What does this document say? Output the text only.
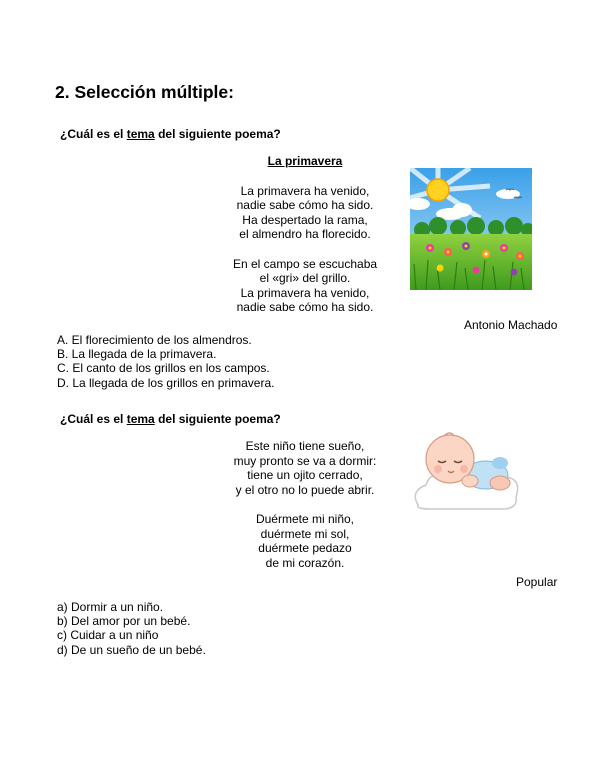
2. Selección múltiple:
¿Cuál es el tema del siguiente poema?
La primavera
La primavera ha venido,
nadie sabe cómo ha sido.
Ha despertado la rama,
el almendro ha florecido.
En el campo se escuchaba
el «gri» del grillo.
La primavera ha venido,
nadie sabe cómo ha sido.
Antonio Machado
A. El florecimiento de los almendros.
B. La llegada de la primavera.
C. El canto de los grillos en los campos.
D. La llegada de los grillos en primavera.
¿Cuál es el tema del siguiente poema?
Este niño tiene sueño,
muy pronto se va a dormir:
tiene un ojito cerrado,
y el otro no lo puede abrir.
Duérmete mi niño,
duérmete mi sol,
duérmete pedazo
de mi corazón.
Popular
a) Dormir a un niño.
b) Del amor por un bebé.
c) Cuidar a un niño
d) De un sueño de un bebé.
